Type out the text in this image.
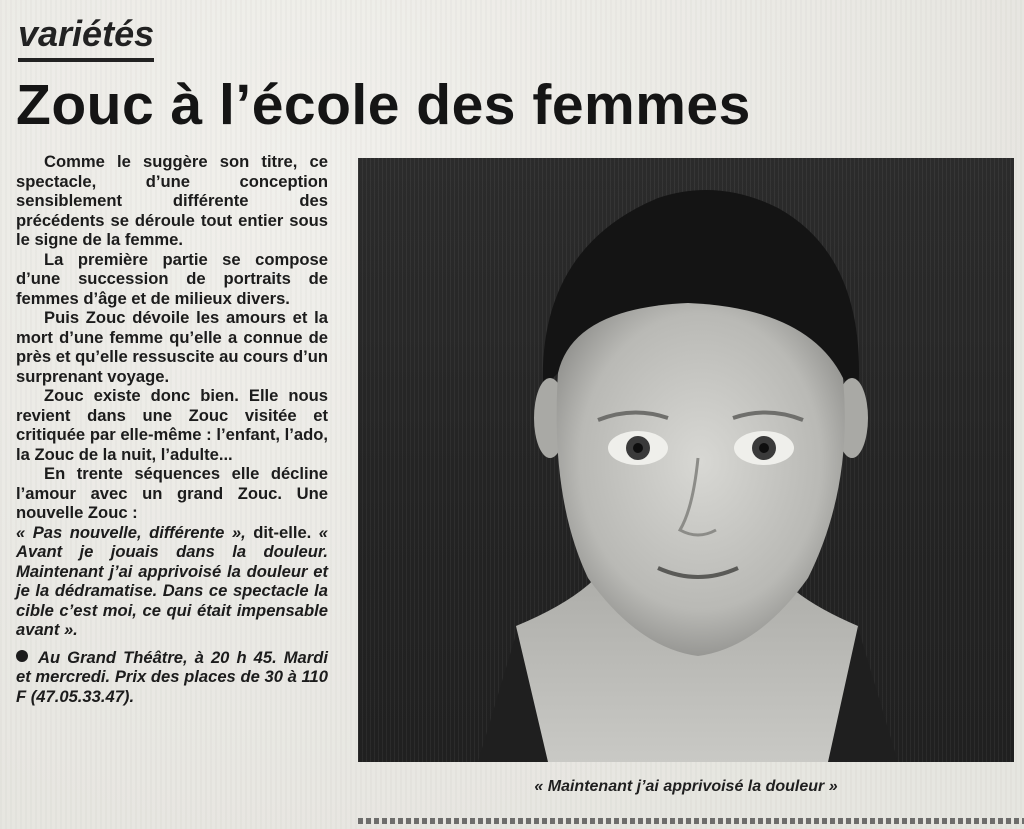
variétés
Zouc à l’école des femmes

Comme le suggère son titre, ce spectacle, d’une conception sensiblement différente des précédents se déroule tout entier sous le signe de la femme.

La première partie se compose d’une succession de portraits de femmes d’âge et de milieux divers.

Puis Zouc dévoile les amours et la mort d’une femme qu’elle a connue de près et qu’elle ressuscite au cours d’un surprenant voyage.

Zouc existe donc bien. Elle nous revient dans une Zouc visitée et critiquée par elle-même : l’enfant, l’ado, la Zouc de la nuit, l’adulte...

En trente séquences elle décline l’amour avec un grand Zouc. Une nouvelle Zouc :

« Pas nouvelle, différente », dit-elle. « Avant je jouais dans la douleur. Maintenant j’ai apprivoisé la douleur et je la dédramatise. Dans ce spectacle la cible c’est moi, ce qui était impensable avant ».

Au Grand Théâtre, à 20 h 45. Mardi et mercredi. Prix des places de 30 à 110 F (47.05.33.47).

« Maintenant j’ai apprivoisé la douleur »
